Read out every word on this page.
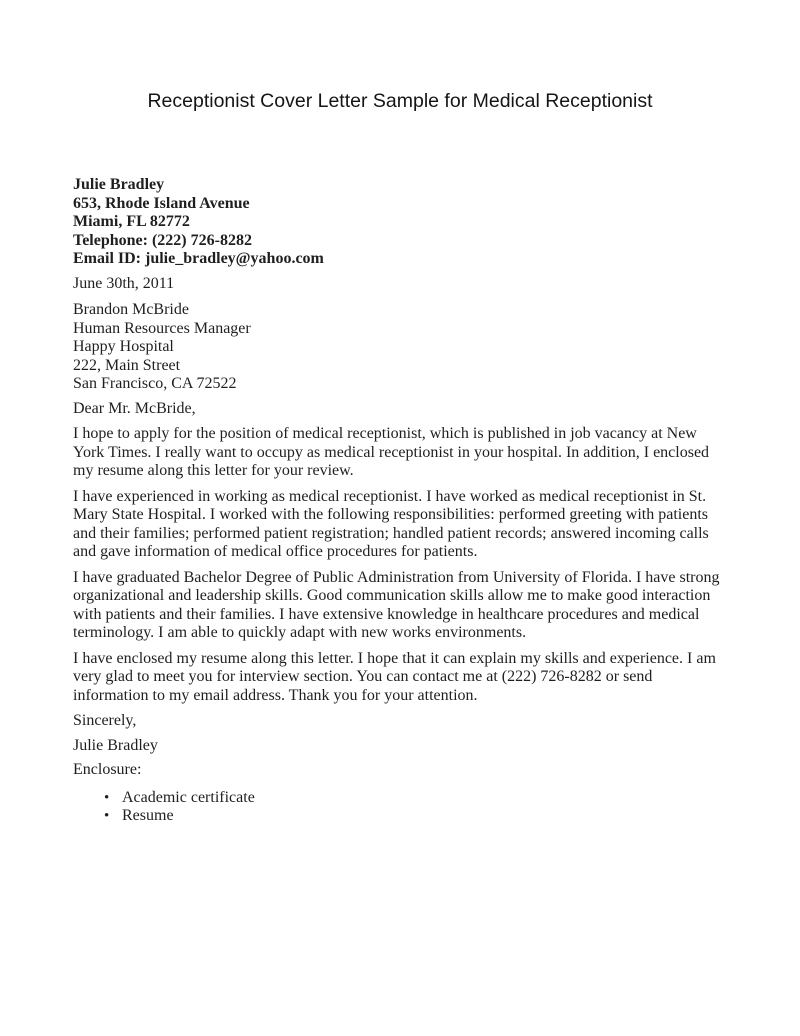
Receptionist Cover Letter Sample for Medical Receptionist
Julie Bradley
653, Rhode Island Avenue
Miami, FL 82772
Telephone: (222) 726-8282
Email ID: julie_bradley@yahoo.com
June 30th, 2011
Brandon McBride
Human Resources Manager
Happy Hospital
222, Main Street
San Francisco, CA 72522
Dear Mr. McBride,
I hope to apply for the position of medical receptionist, which is published in job vacancy at New York Times. I really want to occupy as medical receptionist in your hospital. In addition, I enclosed my resume along this letter for your review.
I have experienced in working as medical receptionist. I have worked as medical receptionist in St. Mary State Hospital. I worked with the following responsibilities: performed greeting with patients and their families; performed patient registration; handled patient records; answered incoming calls and gave information of medical office procedures for patients.
I have graduated Bachelor Degree of Public Administration from University of Florida. I have strong organizational and leadership skills. Good communication skills allow me to make good interaction with patients and their families. I have extensive knowledge in healthcare procedures and medical terminology. I am able to quickly adapt with new works environments.
I have enclosed my resume along this letter. I hope that it can explain my skills and experience. I am very glad to meet you for interview section. You can contact me at (222) 726-8282 or send information to my email address. Thank you for your attention.
Sincerely,
Julie Bradley
Enclosure:
• Academic certificate
• Resume
